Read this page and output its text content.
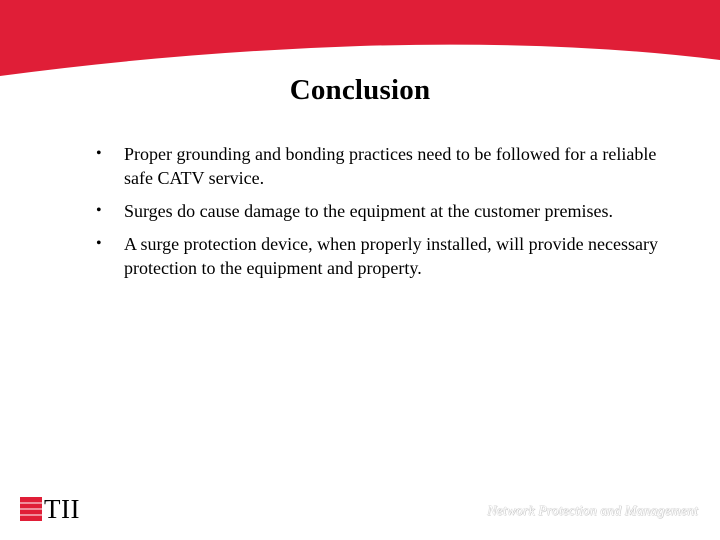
Conclusion
• Proper grounding and bonding practices need to be followed for a reliable safe CATV service.
• Surges do cause damage to the equipment at the customer premises.
• A surge protection device, when properly installed, will provide necessary protection to the equipment and property.
TII	Network Protection and Management
